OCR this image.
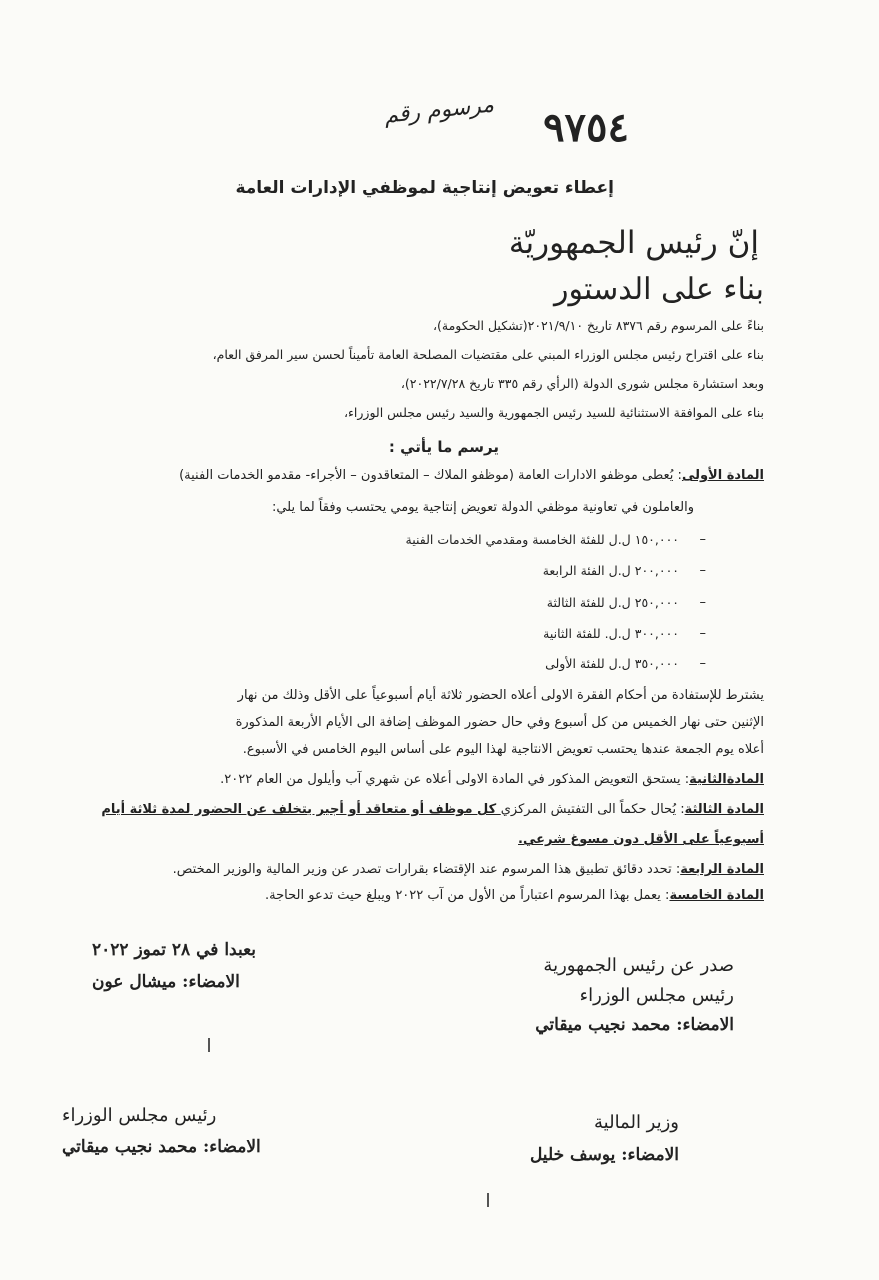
مرسوم رقم ٩٧٥٤
إعطاء تعويض إنتاجية لموظفي الإدارات العامة
إنّ رئيس الجمهوريّة
بناء على الدستور
بناءً على المرسوم رقم ٨٣٧٦ تاريخ ٢٠٢١/٩/١٠(تشكيل الحكومة)،
بناء على اقتراح رئيس مجلس الوزراء المبني على مقتضيات المصلحة العامة تأميناً لحسن سير المرفق العام،
وبعد استشارة مجلس شورى الدولة (الرأي رقم ٣٣٥ تاريخ ٢٠٢٢/٧/٢٨)،
بناء على الموافقة الاستثنائية للسيد رئيس الجمهورية والسيد رئيس مجلس الوزراء،
يرسم ما يأتي :
المادة الأولى: يُعطى موظفو الادارات العامة (موظفو الملاك – المتعاقدون – الأجراء- مقدمو الخدمات الفنية)
والعاملون في تعاونية موظفي الدولة تعويض إنتاجية يومي يحتسب وفقاً لما يلي:
–
١٥٠,٠٠٠ ل.ل للفئة الخامسة ومقدمي الخدمات الفنية
–
٢٠٠,٠٠٠ ل.ل الفئة الرابعة
–
٢٥٠,٠٠٠ ل.ل للفئة الثالثة
–
٣٠٠,٠٠٠ ل.ل. للفئة الثانية
–
٣٥٠,٠٠٠ ل.ل للفئة الأولى
يشترط للإستفادة من أحكام الفقرة الاولى أعلاه الحضور ثلاثة أيام أسبوعياً على الأقل وذلك من نهار
الإثنين حتى نهار الخميس من كل أسبوع وفي حال حضور الموظف إضافة الى الأيام الأربعة المذكورة
أعلاه يوم الجمعة عندها يحتسب تعويض الانتاجية لهذا اليوم على أساس اليوم الخامس في الأسبوع.
المادةالثانية: يستحق التعويض المذكور في المادة الاولى أعلاه عن شهري آب وأيلول من العام ٢٠٢٢.
المادة الثالثة: يُحال حكماً الى التفتيش المركزي كل موظف أو متعاقد أو أجير يتخلف عن الحضور لمدة ثلاثة أيام
أسبوعياً على الأقل دون مسوغ شرعي.
المادة الرابعة: تحدد دقائق تطبيق هذا المرسوم عند الإقتضاء بقرارات تصدر عن وزير المالية والوزير المختص.
المادة الخامسة: يعمل بهذا المرسوم اعتباراً من الأول من آب ٢٠٢٢ ويبلغ حيث تدعو الحاجة.
بعبدا في ٢٨ تموز ٢٠٢٢
الامضاء: ميشال عون
صدر عن رئيس الجمهورية
رئيس مجلس الوزراء
الامضاء: محمد نجيب ميقاتي
رئيس مجلس الوزراء
الامضاء: محمد نجيب ميقاتي
وزير المالية
الامضاء: يوسف خليل
